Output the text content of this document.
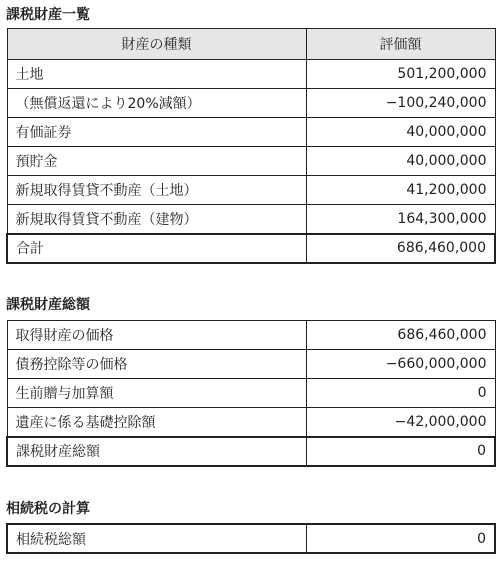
課税財産一覧
財産の種類	評価額
土地	501,200,000
（無償返還により20%減額）	−100,240,000
有価証券	40,000,000
預貯金	40,000,000
新規取得賃貸不動産（土地）	41,200,000
新規取得賃貸不動産（建物）	164,300,000
合計	686,460,000
課税財産総額
取得財産の価格	686,460,000
債務控除等の価格	−660,000,000
生前贈与加算額	0
遺産に係る基礎控除額	−42,000,000
課税財産総額	0
相続税の計算
相続税総額	0
